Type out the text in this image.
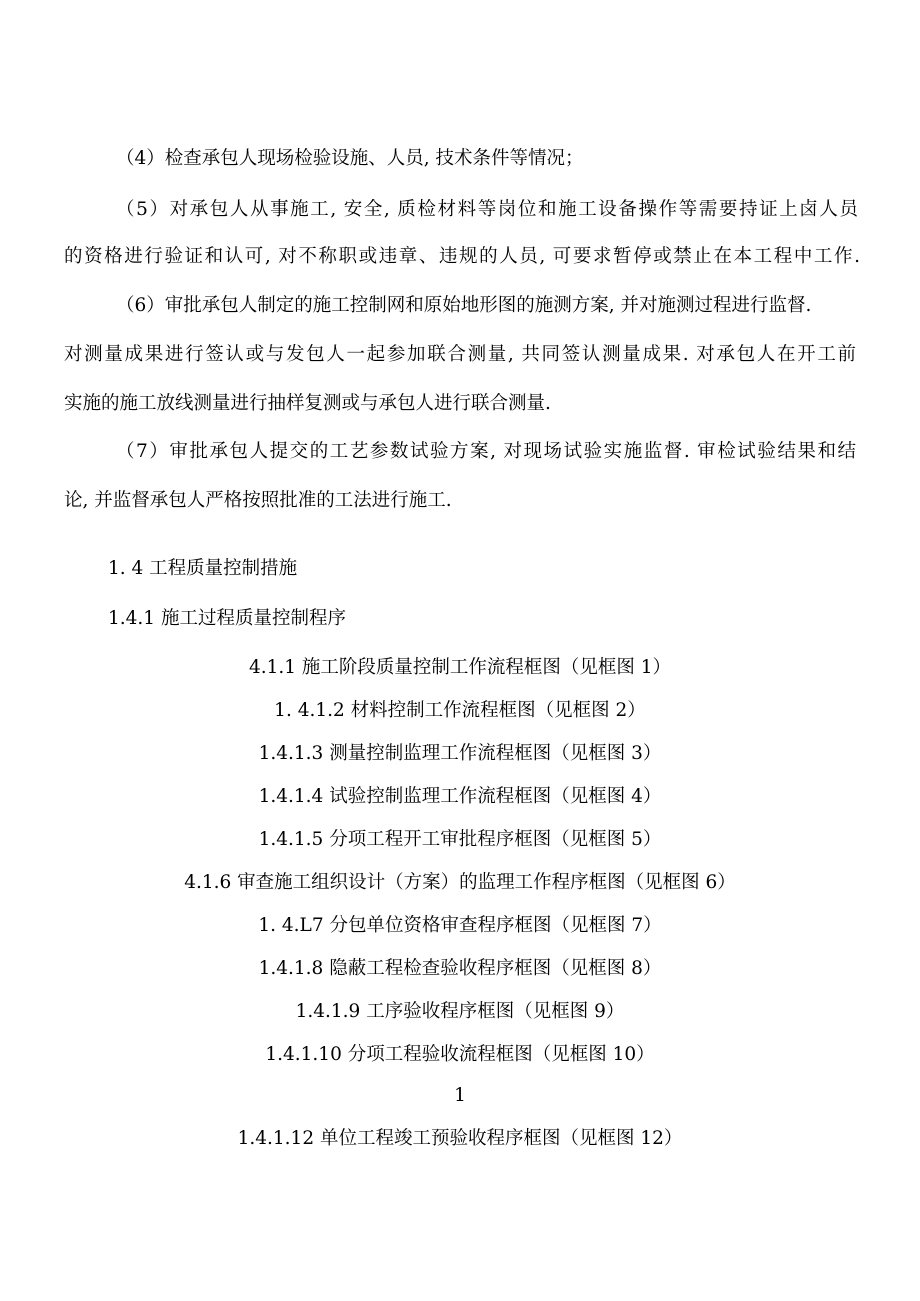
（4）检查承包人现场检验设施、人员, 技术条件等情况；
（5）对承包人从事施工, 安全, 质检材料等岗位和施工设备操作等需要持证上卤人员
的资格进行验证和认可, 对不称职或违章、违规的人员, 可要求暂停或禁止在本工程中工作.
（6）审批承包人制定的施工控制网和原始地形图的施测方案, 并对施测过程进行监督.
对测量成果进行签认或与发包人一起参加联合测量, 共同签认测量成果. 对承包人在开工前
实施的施工放线测量进行抽样复测或与承包人进行联合测量.
（7）审批承包人提交的工艺参数试验方案, 对现场试验实施监督. 审检试验结果和结
论, 并监督承包人严格按照批准的工法进行施工.
1. 4 工程质量控制措施
1.4.1 施工过程质量控制程序
4.1.1 施工阶段质量控制工作流程框图（见框图 1）
1. 4.1.2 材料控制工作流程框图（见框图 2）
1.4.1.3 测量控制监理工作流程框图（见框图 3）
1.4.1.4 试验控制监理工作流程框图（见框图 4）
1.4.1.5 分项工程开工审批程序框图（见框图 5）
4.1.6 审查施工组织设计（方案）的监理工作程序框图（见框图 6）
1. 4.L7 分包单位资格审查程序框图（见框图 7）
1.4.1.8 隐蔽工程检查验收程序框图（见框图 8）
1.4.1.9 工序验收程序框图（见框图 9）
1.4.1.10 分项工程验收流程框图（见框图 10）
1
1.4.1.12 单位工程竣工预验收程序框图（见框图 12）
